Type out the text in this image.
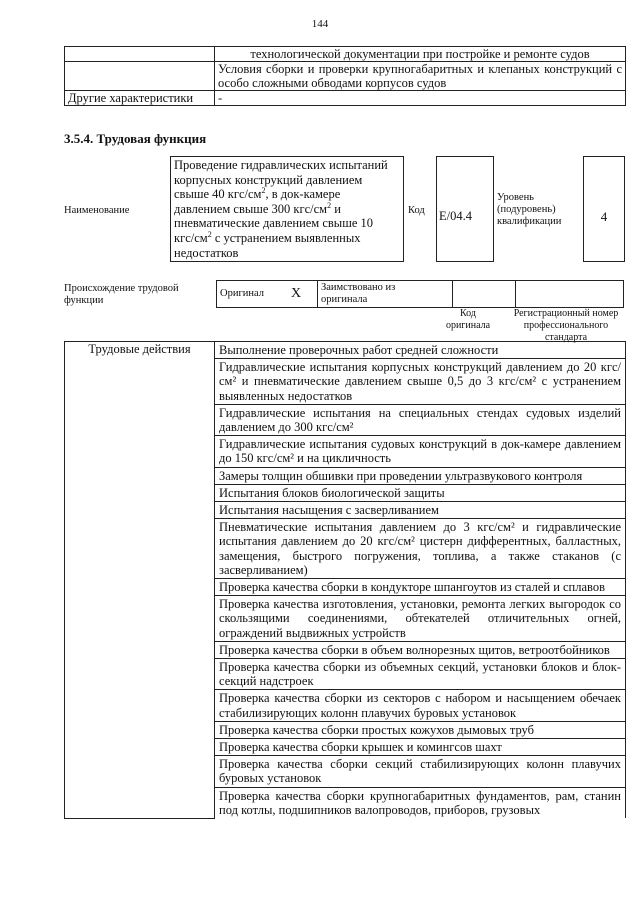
144
	технологической документации при постройке и ремонте судов
	Условия сборки и проверки крупногабаритных и клепаных конструкций с особо сложными обводами корпусов судов
Другие характеристики	-
3.5.4. Трудовая функция
Наименование
Проведение гидравлических испытаний
корпусных конструкций давлением
свыше 40 кгс/$см^2$, в док-камере
давлением свыше 300 кгс/$см^2$ и
пневматические давлением свыше 10
кгс/$см^2$ с устранением выявленных
недостатков
Код Е/04.4
Уровень
(подуровень)
квалификации	4
Происхождение трудовой
функции
Оригинал	X	Заимствовано из
оригинала		
Код
оригинала
Регистрационный номер
профессионального
стандарта
Трудовые действия	Выполнение проверочных работ средней сложности
Гидравлические испытания корпусных конструкций давлением до 20 кгс/см² и пневматические давлением свыше 0,5 до 3 кгс/см² с устранением выявленных недостатков
Гидравлические испытания на специальных стендах судовых изделий давлением до 300 кгс/см²
Гидравлические испытания судовых конструкций в док-камере давлением до 150 кгс/см² и на цикличность
Замеры толщин обшивки при проведении ультразвукового контроля
Испытания блоков биологической защиты
Испытания насыщения с засверливанием
Пневматические испытания давлением до 3 кгс/см² и гидравлические испытания давлением до 20 кгс/см² цистерн дифферентных, балластных, замещения, быстрого погружения, топлива, а также стаканов (с засверливанием)
Проверка качества сборки в кондукторе шпангоутов из сталей и сплавов
Проверка качества изготовления, установки, ремонта легких выгородок со скользящими соединениями, обтекателей отличительных огней, ограждений выдвижных устройств
Проверка качества сборки в объем волнорезных щитов, ветроотбойников
Проверка качества сборки из объемных секций, установки блоков и блок-секций надстроек
Проверка качества сборки из секторов с набором и насыщением обечаек стабилизирующих колонн плавучих буровых установок
Проверка качества сборки простых кожухов дымовых труб
Проверка качества сборки крышек и комингсов шахт
Проверка качества сборки секций стабилизирующих колонн плавучих буровых установок
Проверка качества сборки крупногабаритных фундаментов, рам, станин под котлы, подшипников валопроводов, приборов, грузовых
